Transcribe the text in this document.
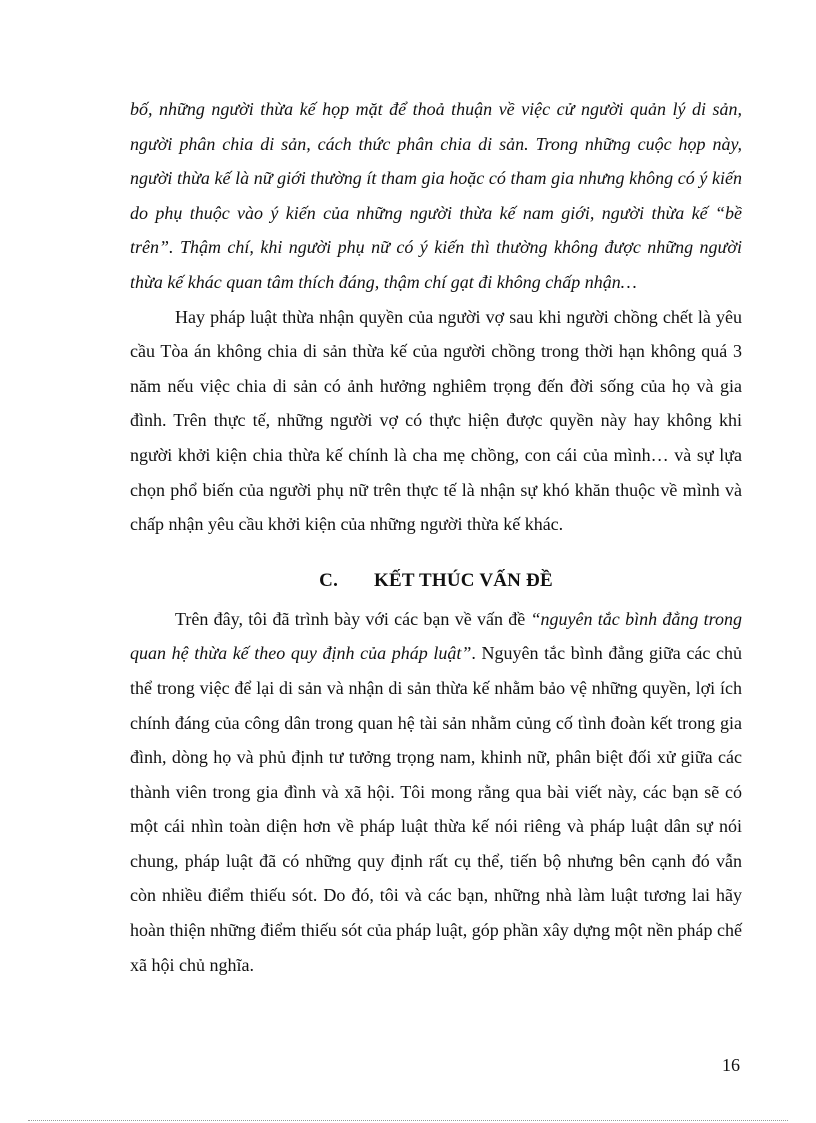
bố, những người thừa kế họp mặt để thoả thuận về việc cử người quản lý di sản, người phân chia di sản, cách thức phân chia di sản. Trong những cuộc họp này, người thừa kế là nữ giới thường ít tham gia hoặc có tham gia nhưng không có ý kiến do phụ thuộc vào ý kiến của những người thừa kế nam giới, người thừa kế “bề trên”. Thậm chí, khi người phụ nữ có ý kiến thì thường không được những người thừa kế khác quan tâm thích đáng, thậm chí gạt đi không chấp nhận…

Hay pháp luật thừa nhận quyền của người vợ sau khi người chồng chết là yêu cầu Tòa án không chia di sản thừa kế của người chồng trong thời hạn không quá 3 năm nếu việc chia di sản có ảnh hưởng nghiêm trọng đến đời sống của họ và gia đình. Trên thực tế, những người vợ có thực hiện được quyền này hay không khi người khởi kiện chia thừa kế chính là cha mẹ chồng, con cái của mình… và sự lựa chọn phổ biến của người phụ nữ trên thực tế là nhận sự khó khăn thuộc về mình và chấp nhận yêu cầu khởi kiện của những người thừa kế khác.

C. KẾT THÚC VẤN ĐỀ

Trên đây, tôi đã trình bày với các bạn về vấn đề “nguyên tắc bình đẳng trong quan hệ thừa kế theo quy định của pháp luật”. Nguyên tắc bình đẳng giữa các chủ thể trong việc để lại di sản và nhận di sản thừa kế nhằm bảo vệ những quyền, lợi ích chính đáng của công dân trong quan hệ tài sản nhằm củng cố tình đoàn kết trong gia đình, dòng họ và phủ định tư tưởng trọng nam, khinh nữ, phân biệt đối xử giữa các thành viên trong gia đình và xã hội. Tôi mong rằng qua bài viết này, các bạn sẽ có một cái nhìn toàn diện hơn về pháp luật thừa kế nói riêng và pháp luật dân sự nói chung, pháp luật đã có những quy định rất cụ thể, tiến bộ nhưng bên cạnh đó vẫn còn nhiều điểm thiếu sót. Do đó, tôi và các bạn, những nhà làm luật tương lai hãy hoàn thiện những điểm thiếu sót của pháp luật, góp phần xây dựng một nền pháp chế xã hội chủ nghĩa.

16
